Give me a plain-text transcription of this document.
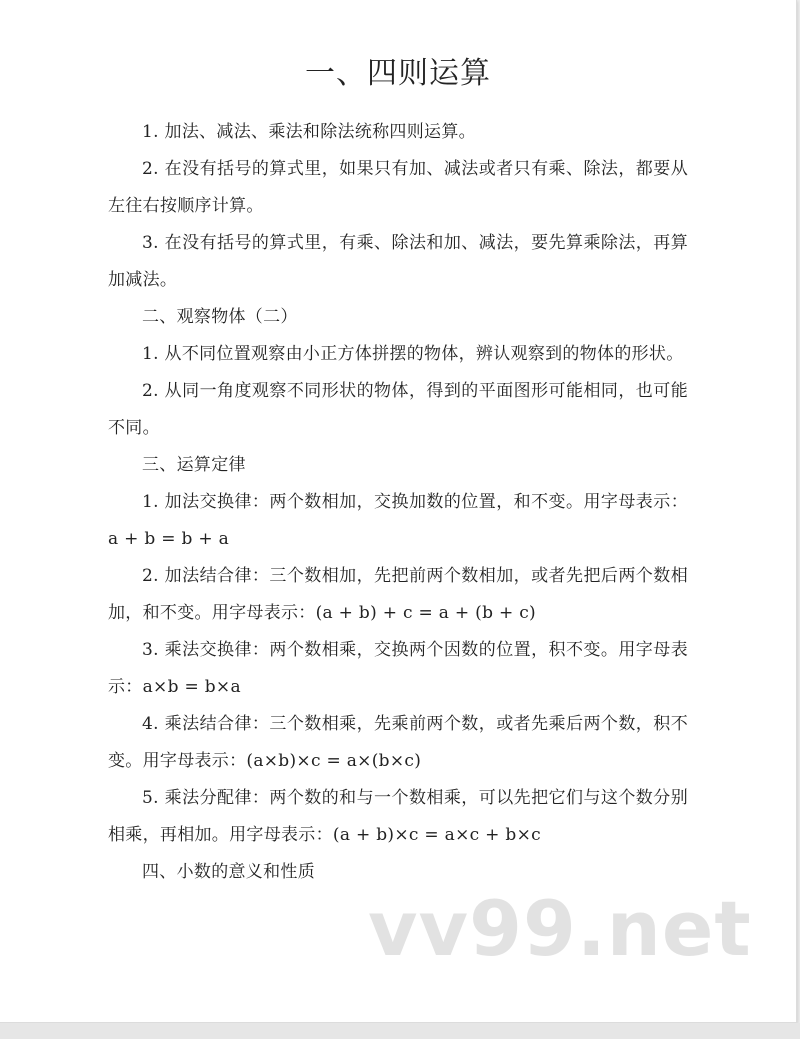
一、四则运算

1. 加法、减法、乘法和除法统称四则运算。

2. 在没有括号的算式里，如果只有加、减法或者只有乘、除法，都要从左往右按顺序计算。

3. 在没有括号的算式里，有乘、除法和加、减法，要先算乘除法，再算加减法。

二、观察物体（二）

1. 从不同位置观察由小正方体拼摆的物体，辨认观察到的物体的形状。

2. 从同一角度观察不同形状的物体，得到的平面图形可能相同，也可能不同。

三、运算定律

1. 加法交换律：两个数相加，交换加数的位置，和不变。用字母表示：a + b = b + a

2. 加法结合律：三个数相加，先把前两个数相加，或者先把后两个数相加，和不变。用字母表示：(a + b) + c = a + (b + c)

3. 乘法交换律：两个数相乘，交换两个因数的位置，积不变。用字母表示：a×b = b×a

4. 乘法结合律：三个数相乘，先乘前两个数，或者先乘后两个数，积不变。用字母表示：(a×b)×c = a×(b×c)

5. 乘法分配律：两个数的和与一个数相乘，可以先把它们与这个数分别相乘，再相加。用字母表示：(a + b)×c = a×c + b×c

四、小数的意义和性质

vv99.net
